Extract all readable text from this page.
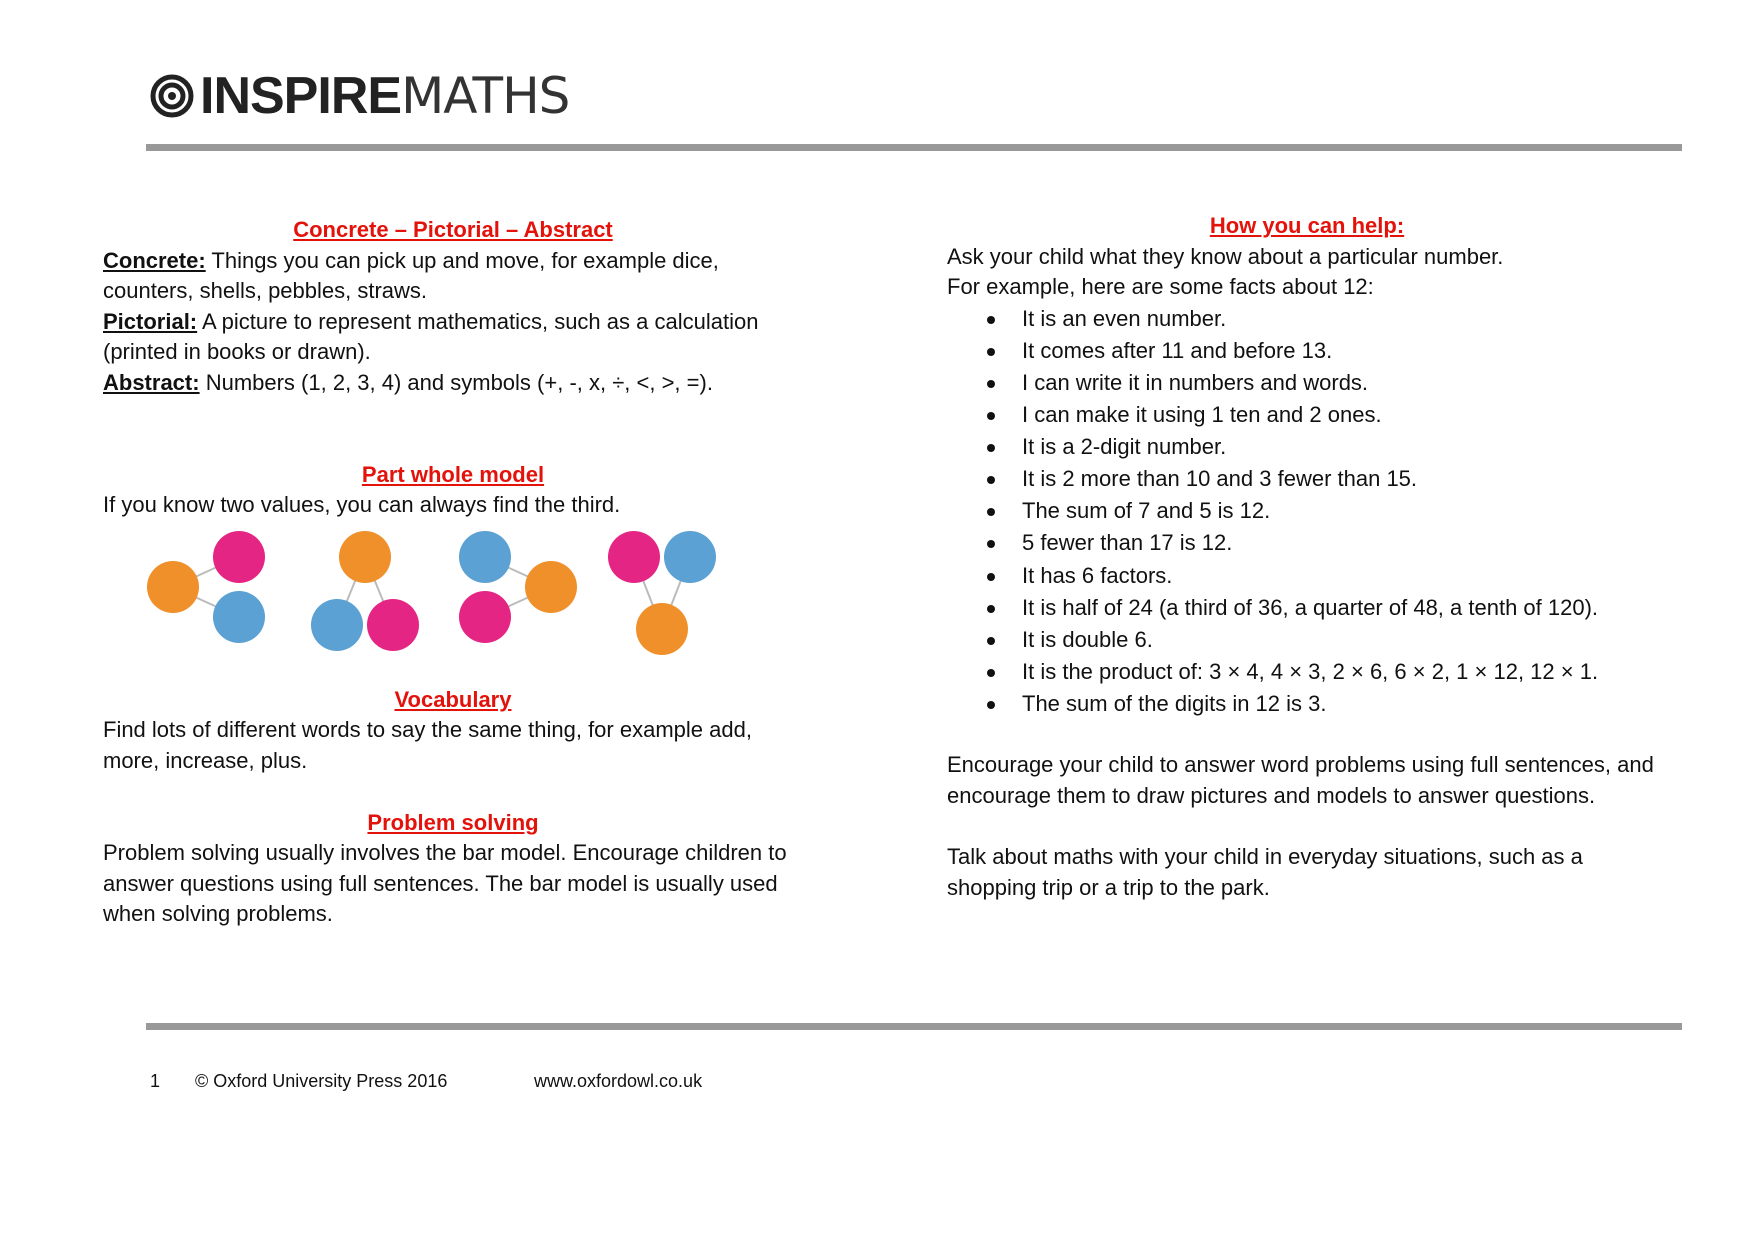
INSPIRE MATHS

Concrete – Pictorial – Abstract

Concrete: Things you can pick up and move, for example dice, counters, shells, pebbles, straws.

Pictorial: A picture to represent mathematics, such as a calculation (printed in books or drawn).

Abstract: Numbers (1, 2, 3, 4) and symbols (+, -, x, ÷, <, >, =).

Part whole model

If you know two values, you can always find the third.

Vocabulary

Find lots of different words to say the same thing, for example add, more, increase, plus.

Problem solving

Problem solving usually involves the bar model. Encourage children to answer questions using full sentences. The bar model is usually used when solving problems.

How you can help:

Ask your child what they know about a particular number.

For example, here are some facts about 12:

It is an even number.
It comes after 11 and before 13.
I can write it in numbers and words.
I can make it using 1 ten and 2 ones.
It is a 2-digit number.
It is 2 more than 10 and 3 fewer than 15.
The sum of 7 and 5 is 12.
5 fewer than 17 is 12.
It has 6 factors.
It is half of 24 (a third of 36, a quarter of 48, a tenth of 120).
It is double 6.
It is the product of: 3 × 4, 4 × 3, 2 × 6, 6 × 2, 1 × 12, 12 × 1.
The sum of the digits in 12 is 3.

Encourage your child to answer word problems using full sentences, and encourage them to draw pictures and models to answer questions.

Talk about maths with your child in everyday situations, such as a shopping trip or a trip to the park.

1	© Oxford University Press 2016	www.oxfordowl.co.uk
